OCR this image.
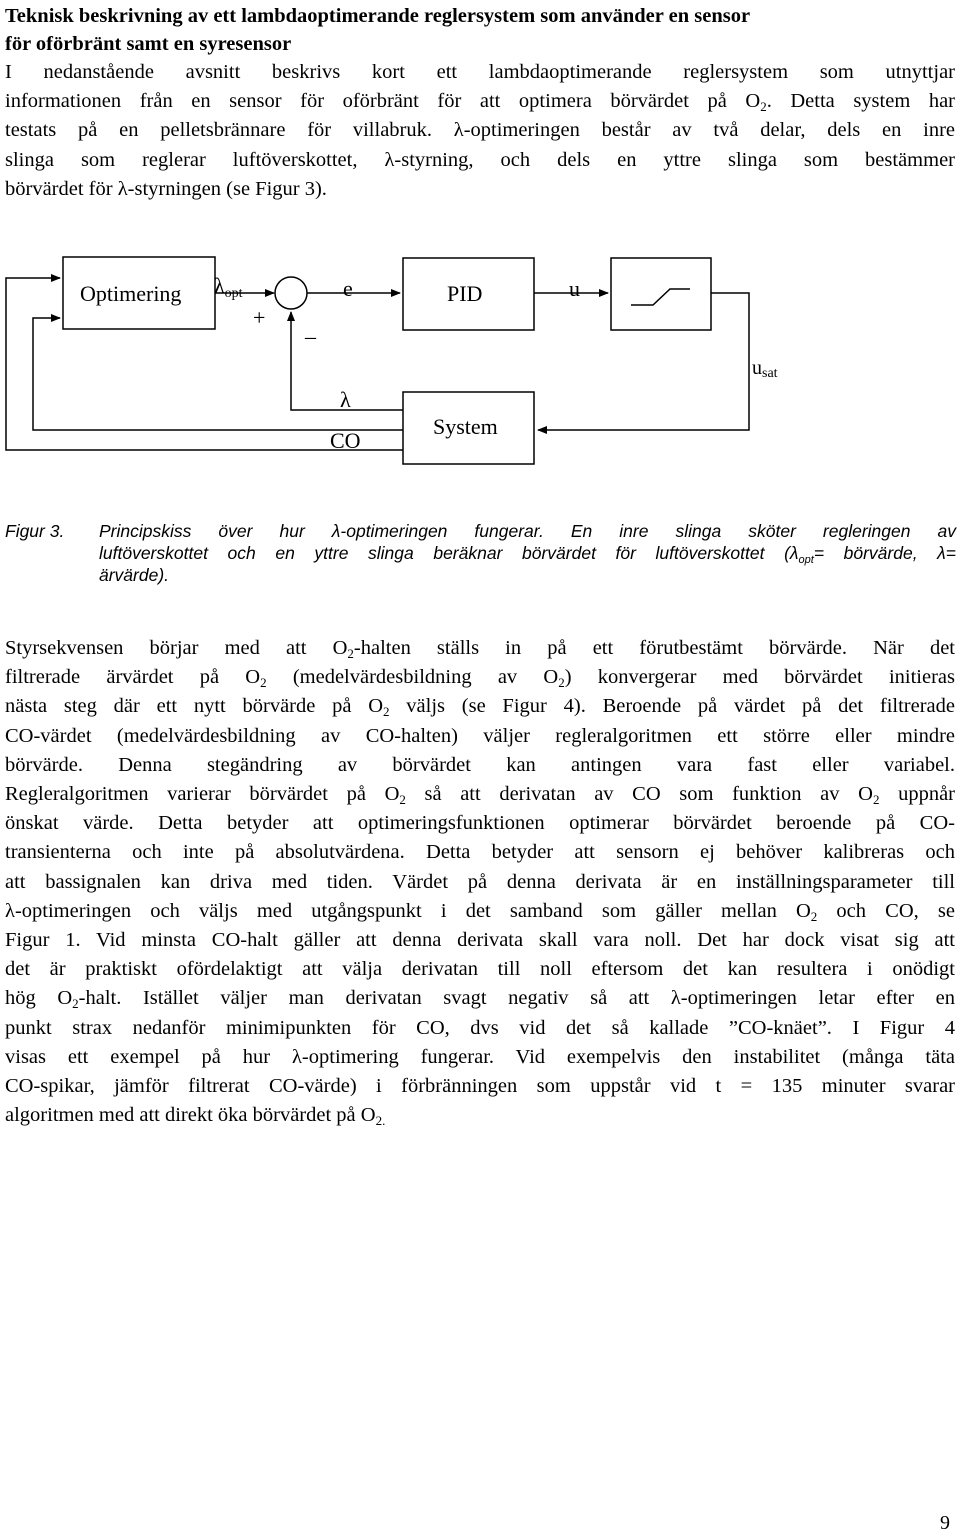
Teknisk beskrivning av ett lambdaoptimerande reglersystem som använder en sensor
för oförbränt samt en syresensor
I nedanstående avsnitt beskrivs kort ett lambdaoptimerande reglersystem som utnyttjar
informationen från en sensor för oförbränt för att optimera börvärdet på $O_2$. Detta system har
testats på en pelletsbrännare för villabruk. λ-optimeringen består av två delar, dels en inre
slinga som reglerar luftöverskottet, λ-styrning, och dels en yttre slinga som bestämmer
börvärdet för λ-styrningen (se Figur 3).
Optimering λopt
+ _
e	PID	u
usat
System
λ
CO
Figur 3. Principskiss över hur λ-optimeringen fungerar. En inre slinga sköter regleringen av
luftöverskottet och en yttre slinga beräknar börvärdet för luftöverskottet ($\lambda_{opt}=$ börvärde, λ=
ärvärde).
Styrsekvensen börjar med att $O_2$-halten ställs in på ett förutbestämt börvärde. När det
filtrerade ärvärdet på $O_2$ (medelvärdesbildning av $O_2$) konvergerar med börvärdet initieras
nästa steg där ett nytt börvärde på $O_2$ väljs (se Figur 4). Beroende på värdet på det filtrerade
CO-värdet (medelvärdesbildning av CO-halten) väljer regleralgoritmen ett större eller mindre
börvärde. Denna stegändring av börvärdet kan antingen vara fast eller variabel.
Regleralgoritmen varierar börvärdet på $O_2$ så att derivatan av CO som funktion av $O_2$ uppnår
önskat värde. Detta betyder att optimeringsfunktionen optimerar börvärdet beroende på CO-
transienterna och inte på absolutvärdena. Detta betyder att sensorn ej behöver kalibreras och
att bassignalen kan driva med tiden. Värdet på denna derivata är en inställningsparameter till
λ-optimeringen och väljs med utgångspunkt i det samband som gäller mellan $O_2$ och CO, se
Figur 1. Vid minsta CO-halt gäller att denna derivata skall vara noll. Det har dock visat sig att
det är praktiskt ofördelaktigt att välja derivatan till noll eftersom det kan resultera i onödigt
hög $O_2$-halt. Istället väljer man derivatan svagt negativ så att λ-optimeringen letar efter en
punkt strax nedanför minimipunkten för CO, dvs vid det så kallade ”CO-knäet”. I Figur 4
visas ett exempel på hur λ-optimering fungerar. Vid exempelvis den instabilitet (många täta
CO-spikar, jämför filtrerat CO-värde) i förbränningen som uppstår vid t = 135 minuter svarar
algoritmen med att direkt öka börvärdet på $O_{2.}$
9
